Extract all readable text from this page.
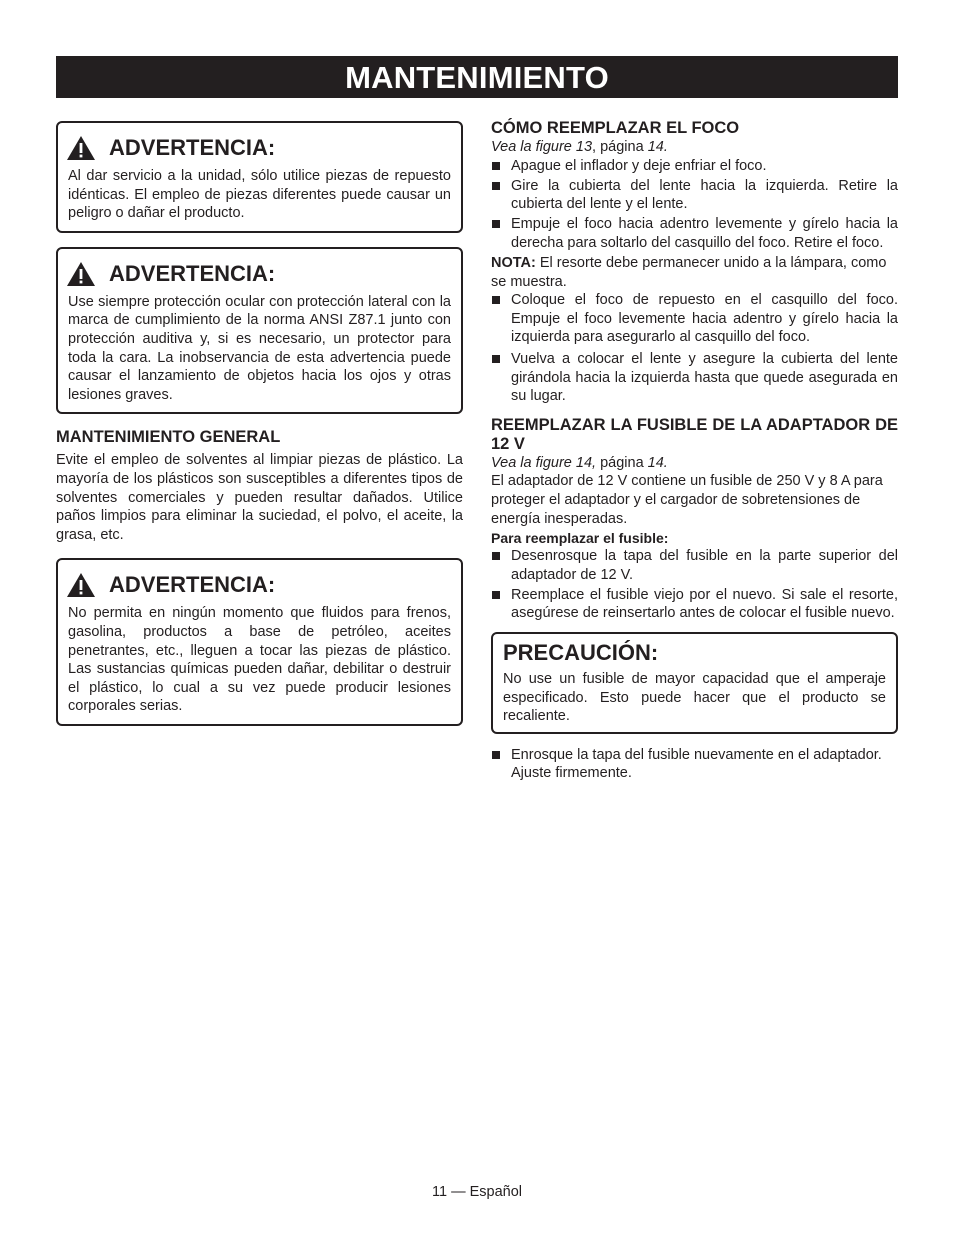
MANTENIMIENTO
ADVERTENCIA:
Al dar servicio a la unidad, sólo utilice piezas de repuesto idénticas. El empleo de piezas diferentes puede causar un peligro o dañar el producto.
ADVERTENCIA:
Use siempre protección ocular con protección lateral con la marca de cumplimiento de la norma ANSI Z87.1 junto con protección auditiva y, si es necesario, un protector para toda la cara. La inobservancia de esta advertencia puede causar el lanzamiento de objetos hacia los ojos y otras lesiones graves.
MANTENIMIENTO GENERAL

Evite el empleo de solventes al limpiar piezas de plástico. La mayoría de los plásticos son susceptibles a diferentes tipos de solventes comerciales y pueden resultar dañados. Utilice paños limpios para eliminar la suciedad, el polvo, el aceite, la grasa, etc.

ADVERTENCIA:
No permita en ningún momento que fluidos para frenos, gasolina, productos a base de petróleo, aceites penetrantes, etc., lleguen a tocar las piezas de plástico. Las sustancias químicas pueden dañar, debilitar o destruir el plástico, lo cual a su vez puede producir lesiones corporales serias.
CÓMO REEMPLAZAR EL FOCO
Vea la figure 13, página 14.
Apague el inflador y deje enfriar el foco.
Gire la cubierta del lente hacia la izquierda. Retire la cubierta del lente y el lente.
Empuje el foco hacia adentro levemente y gírelo hacia la derecha para soltarlo del casquillo del foco. Retire el foco.

NOTA: El resorte debe permanecer unido a la lámpara, como se muestra.

Coloque el foco de repuesto en el casquillo del foco. Empuje el foco levemente hacia adentro y gírelo hacia la izquierda para asegurarlo al casquillo del foco.
Vuelva a colocar el lente y asegure la cubierta del lente girándola hacia la izquierda hasta que quede asegurada en su lugar.
REEMPLAZAR LA FUSIBLE DE LA ADAPTADOR DE 12 V
Vea la figure 14, página 14.

El adaptador de 12 V contiene un fusible de 250 V y 8 A para proteger el adaptador y el cargador de sobretensiones de energía inesperadas.

Para reemplazar el fusible:
Desenrosque la tapa del fusible en la parte superior del adaptador de 12 V.
Reemplace el fusible viejo por el nuevo. Si sale el resorte, asegúrese de reinsertarlo antes de colocar el fusible nuevo.
PRECAUCIÓN:
No use un fusible de mayor capacidad que el amperaje especificado. Esto puede hacer que el producto se recaliente.
Enrosque la tapa del fusible nuevamente en el adaptador. Ajuste firmemente.
11 — Español
